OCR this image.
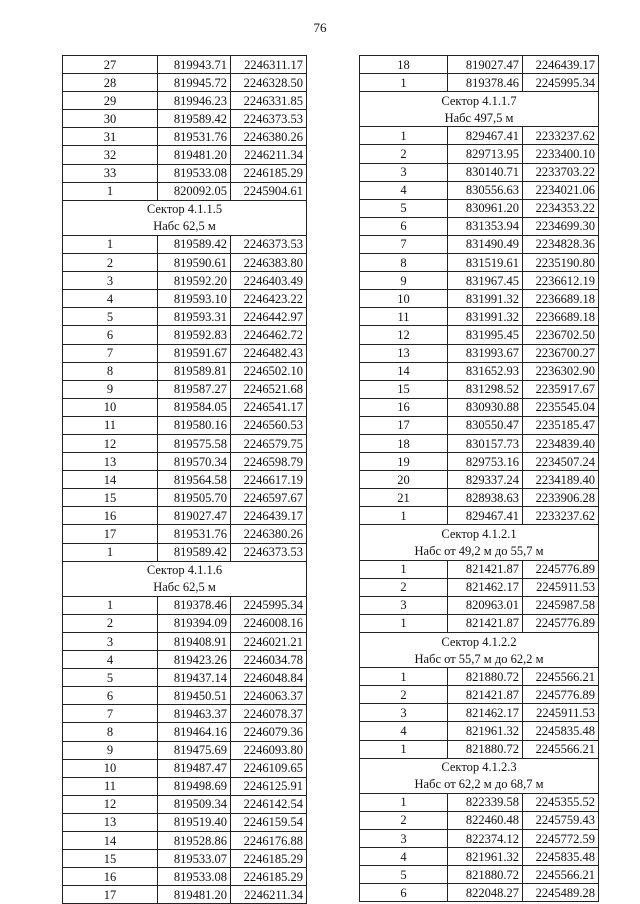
76
27	819943.71	2246311.17
28	819945.72	2246328.50
29	819946.23	2246331.85
30	819589.42	2246373.53
31	819531.76	2246380.26
32	819481.20	2246211.34
33	819533.08	2246185.29
1	820092.05	2245904.61
Сектор 4.1.1.5		
Набс 62,5 м		
1	819589.42	2246373.53
2	819590.61	2246383.80
3	819592.20	2246403.49
4	819593.10	2246423.22
5	819593.31	2246442.97
6	819592.83	2246462.72
7	819591.67	2246482.43
8	819589.81	2246502.10
9	819587.27	2246521.68
10	819584.05	2246541.17
11	819580.16	2246560.53
12	819575.58	2246579.75
13	819570.34	2246598.79
14	819564.58	2246617.19
15	819505.70	2246597.67
16	819027.47	2246439.17
17	819531.76	2246380.26
1	819589.42	2246373.53
Сектор 4.1.1.6		
Набс 62,5 м		
1	819378.46	2245995.34
2	819394.09	2246008.16
3	819408.91	2246021.21
4	819423.26	2246034.78
5	819437.14	2246048.84
6	819450.51	2246063.37
7	819463.37	2246078.37
8	819464.16	2246079.36
9	819475.69	2246093.80
10	819487.47	2246109.65
11	819498.69	2246125.91
12	819509.34	2246142.54
13	819519.40	2246159.54
14	819528.86	2246176.88
15	819533.07	2246185.29
16	819533.08	2246185.29
17	819481.20	2246211.34
18	819027.47	2246439.17
1	819378.46	2245995.34
Сектор 4.1.1.7		
Набс 497,5 м		
1	829467.41	2233237.62
2	829713.95	2233400.10
3	830140.71	2233703.22
4	830556.63	2234021.06
5	830961.20	2234353.22
6	831353.94	2234699.30
7	831490.49	2234828.36
8	831519.61	2235190.80
9	831967.45	2236612.19
10	831991.32	2236689.18
11	831991.32	2236689.18
12	831995.45	2236702.50
13	831993.67	2236700.27
14	831652.93	2236302.90
15	831298.52	2235917.67
16	830930.88	2235545.04
17	830550.47	2235185.47
18	830157.73	2234839.40
19	829753.16	2234507.24
20	829337.24	2234189.40
21	828938.63	2233906.28
1	829467.41	2233237.62
Сектор 4.1.2.1		
Набс от 49,2 м до 55,7 м		
1	821421.87	2245776.89
2	821462.17	2245911.53
3	820963.01	2245987.58
1	821421.87	2245776.89
Сектор 4.1.2.2		
Набс от 55,7 м до 62,2 м		
1	821880.72	2245566.21
2	821421.87	2245776.89
3	821462.17	2245911.53
4	821961.32	2245835.48
1	821880.72	2245566.21
Сектор 4.1.2.3		
Набс от 62,2 м до 68,7 м		
1	822339.58	2245355.52
2	822460.48	2245759.43
3	822374.12	2245772.59
4	821961.32	2245835.48
5	821880.72	2245566.21
6	822048.27	2245489.28
